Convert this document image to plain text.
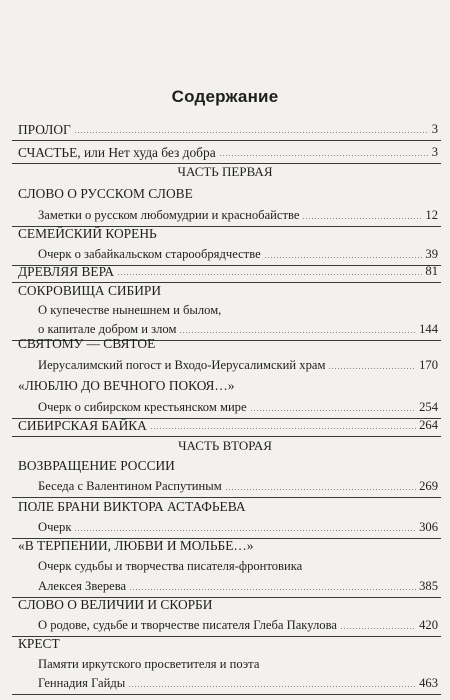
Содержание
ЧАСТЬ ПЕРВАЯ
ЧАСТЬ ВТОРАЯ
ПРОЛОГ	3
СЧАСТЬЕ, или Нет худа без добра	3
СЛОВО О РУССКОМ СЛОВЕ
Заметки о русском любомудрии и краснобайстве	12
СЕМЕЙСКИЙ КОРЕНЬ
Очерк о забайкальском старообрядчестве	39
ДРЕВЛЯЯ ВЕРА	81
СОКРОВИЩА СИБИРИ
О купечестве нынешнем и былом,
о капитале добром и злом	144
СВЯТОМУ — СВЯТОЕ
Иерусалимский погост и Входо-Иерусалимский храм	170
«ЛЮБЛЮ ДО ВЕЧНОГО ПОКОЯ…»
Очерк о сибирском крестьянском мире	254
СИБИРСКАЯ БАЙКА	264
ВОЗВРАЩЕНИЕ РОССИИ
Беседа с Валентином Распутиным	269
ПОЛЕ БРАНИ ВИКТОРА АСТАФЬЕВА
Очерк	306
«В ТЕРПЕНИИ, ЛЮБВИ И МОЛЬБЕ…»
Очерк судьбы и творчества писателя-фронтовика
Алексея Зверева	385
СЛОВО О ВЕЛИЧИИ И СКОРБИ
О родове, судьбе и творчестве писателя Глеба Пакулова	420
КРЕСТ
Памяти иркутского просветителя и поэта
Геннадия Гайды	463
